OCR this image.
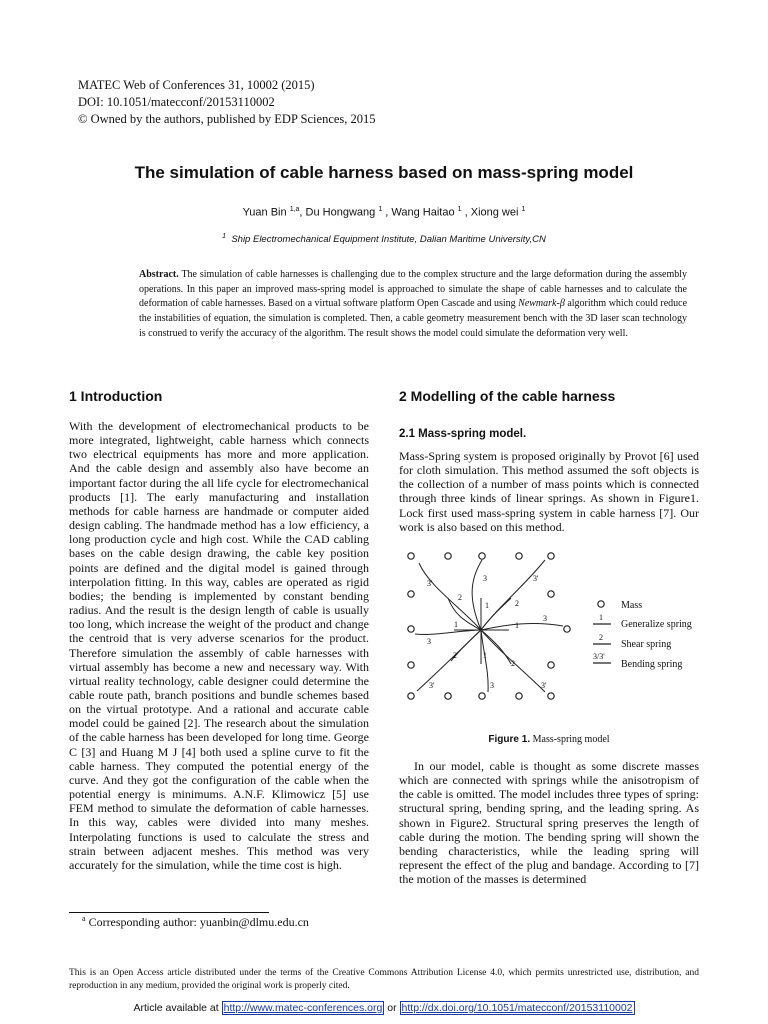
MATEC Web of Conferences 31, 10002 (2015)
DOI: 10.1051/matecconf/20153110002
© Owned by the authors, published by EDP Sciences, 2015
The simulation of cable harness based on mass-spring model
Yuan Bin $^{1,a}$, Du Hongwang $^1$ , Wang Haitao $^1$ , Xiong wei $^1$
$^1$ Ship Electromechanical Equipment Institute, Dalian Maritime University,CN
Abstract. The simulation of cable harnesses is challenging due to the complex structure and the large deformation during the assembly operations. In this paper an improved mass-spring model is approached to simulate the shape of cable harnesses and to calculate the deformation of cable harnesses. Based on a virtual software platform Open Cascade and using Newmark-β algorithm which could reduce the instabilities of equation, the simulation is completed. Then, a cable geometry measurement bench with the 3D laser scan technology is construed to verify the accuracy of the algorithm. The result shows the model could simulate the deformation very well.
1 Introduction

With the development of electromechanical products to be more integrated, lightweight, cable harness which connects two electrical equipments has more and more application. And the cable design and assembly also have become an important factor during the all life cycle for electromechanical products [1]. The early manufacturing and installation methods for cable harness are handmade or computer aided design cabling. The handmade method has a low efficiency, a long production cycle and high cost. While the CAD cabling bases on the cable design drawing, the cable key position points are defined and the digital model is gained through interpolation fitting. In this way, cables are operated as rigid bodies; the bending is implemented by constant bending radius. And the result is the design length of cable is usually too long, which increase the weight of the product and change the centroid that is very adverse scenarios for the product. Therefore simulation the assembly of cable harnesses with virtual assembly has become a new and necessary way. With virtual reality technology, cable designer could determine the cable route path, branch positions and bundle schemes based on the virtual prototype. And a rational and accurate cable model could be gained [2]. The research about the simulation of the cable harness has been developed for long time. George C [3] and Huang M J [4] both used a spline curve to fit the cable harness. They computed the potential energy of the curve. And they got the configuration of the cable when the potential energy is minimums. A.N.F. Klimowicz [5] use FEM method to simulate the deformation of cable harnesses. In this way, cables were divided into many meshes. Interpolating functions is used to calculate the stress and strain between adjacent meshes. This method was very accurately for the simulation, while the time cost is high.

2 Modelling of the cable harness
2.1 Mass-spring model.

Mass-Spring system is proposed originally by Provot [6] used for cloth simulation. This method assumed the soft objects is the collection of a number of mass points which is connected through three kinds of linear springs. As shown in Figure1. Lock first used mass-spring system in cable harness [7]. Our work is also based on this method.

3'
3	3'
2
1	2
3
1	1
3
2	1
2
3
3'	3'
Mass
1
Generalize spring
2
Shear spring
3/3'
Bending spring
Figure 1. Mass-spring model

In our model, cable is thought as some discrete masses which are connected with springs while the anisotropism of the cable is omitted. The model includes three types of spring: structural spring, bending spring, and the leading spring. As shown in Figure2. Structural spring preserves the length of cable during the motion. The bending spring will shown the bending characteristics, while the leading spring will represent the effect of the plug and bandage. According to [7] the motion of the masses is determined

$^a$ Corresponding author: yuanbin@dlmu.edu.cn
This is an Open Access article distributed under the terms of the Creative Commons Attribution License 4.0, which permits unrestricted use, distribution, and reproduction in any medium, provided the original work is properly cited.
Article available at http://www.matec-conferences.org or http://dx.doi.org/10.1051/matecconf/20153110002
